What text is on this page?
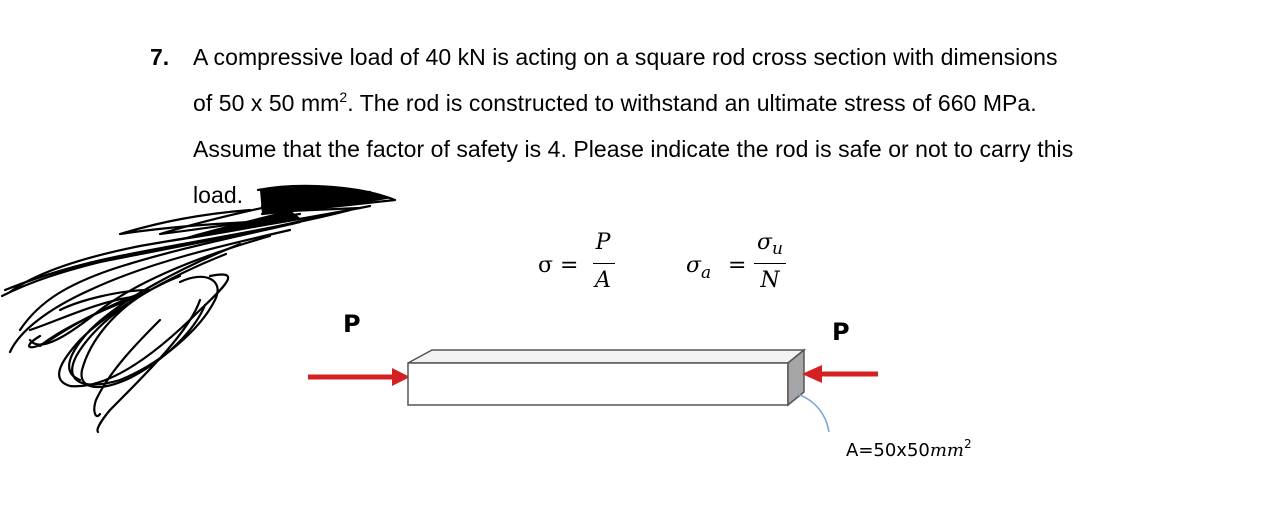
7. A compressive load of 40 kN is acting on a square rod cross section with dimensions
of 50 x 50 $mm^2$. The rod is constructed to withstand an ultimate stress of 660 MPa.
Assume that the factor of safety is 4. Please indicate the rod is safe or not to carry this
load.
σ =
P
A
$\sigma_a$ =
$\sigma_u$
N
P	P
$A=50x50mm^2$
